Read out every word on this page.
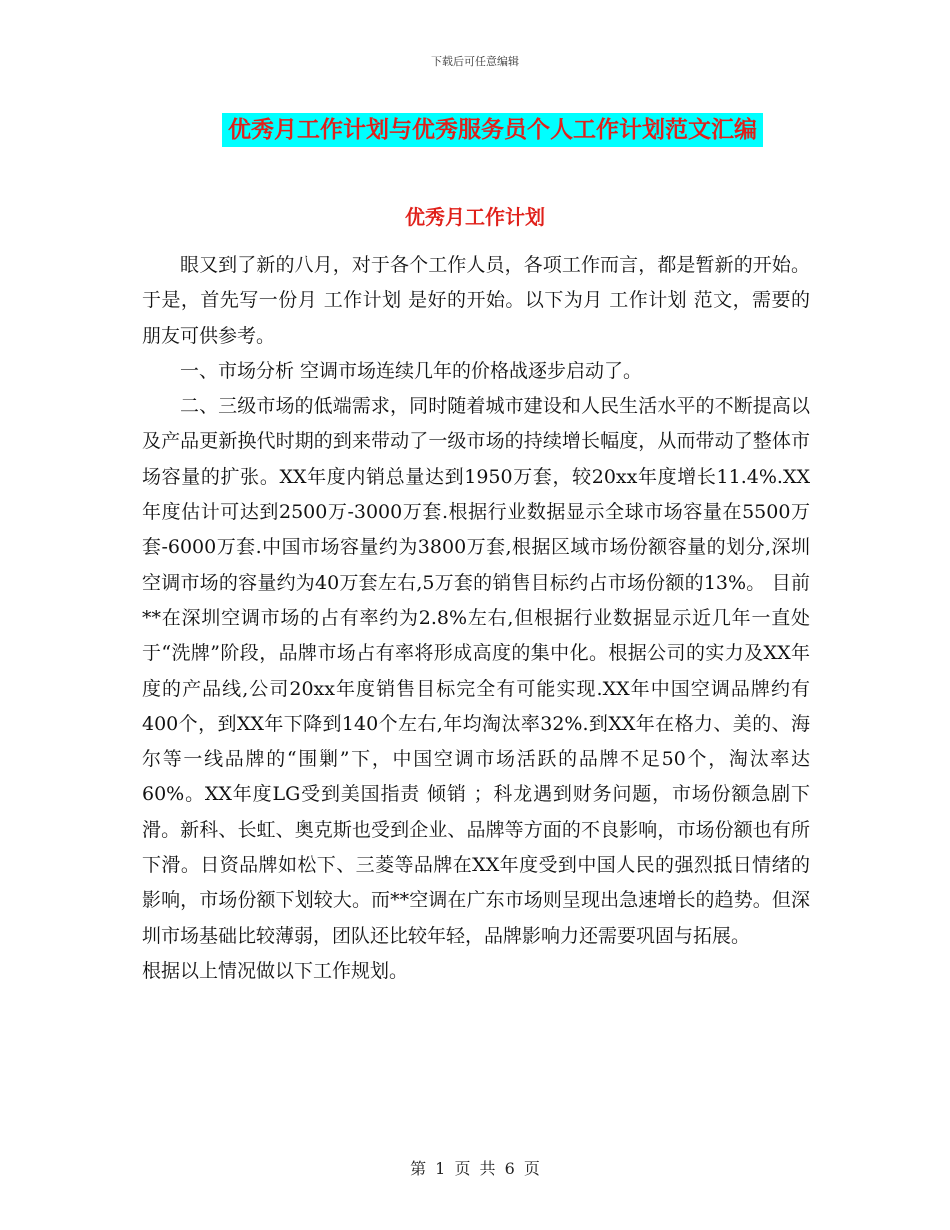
下载后可任意编辑
优秀月工作计划与优秀服务员个人工作计划范文汇编
优秀月工作计划

眼又到了新的八月，对于各个工作人员，各项工作而言，都是暂新的开始。于是，首先写一份月 工作计划 是好的开始。以下为月 工作计划 范文，需要的朋友可供参考。

一、市场分析 空调市场连续几年的价格战逐步启动了。

二、三级市场的低端需求，同时随着城市建设和人民生活水平的不断提高以及产品更新换代时期的到来带动了一级市场的持续增长幅度，从而带动了整体市场容量的扩张。XX年度内销总量达到1950万套，较20xx年度增长11.4%.XX年度估计可达到2500万-3000万套.根据行业数据显示全球市场容量在5500万套-6000万套.中国市场容量约为3800万套,根据区域市场份额容量的划分,深圳空调市场的容量约为40万套左右,5万套的销售目标约占市场份额的13%。 目前**在深圳空调市场的占有率约为2.8%左右,但根据行业数据显示近几年一直处于“洗牌”阶段，品牌市场占有率将形成高度的集中化。根据公司的实力及XX年度的产品线,公司20xx年度销售目标完全有可能实现.XX年中国空调品牌约有400个，到XX年下降到140个左右,年均淘汰率32%.到XX年在格力、美的、海尔等一线品牌的“围剿”下，中国空调市场活跃的品牌不足50个，淘汰率达60%。XX年度LG受到美国指责 倾销 ；科龙遇到财务问题，市场份额急剧下滑。新科、长虹、奥克斯也受到企业、品牌等方面的不良影响，市场份额也有所下滑。日资品牌如松下、三菱等品牌在XX年度受到中国人民的强烈抵日情绪的影响，市场份额下划较大。而**空调在广东市场则呈现出急速增长的趋势。但深圳市场基础比较薄弱，团队还比较年轻，品牌影响力还需要巩固与拓展。

根据以上情况做以下工作规划。

第 1 页 共 6 页
